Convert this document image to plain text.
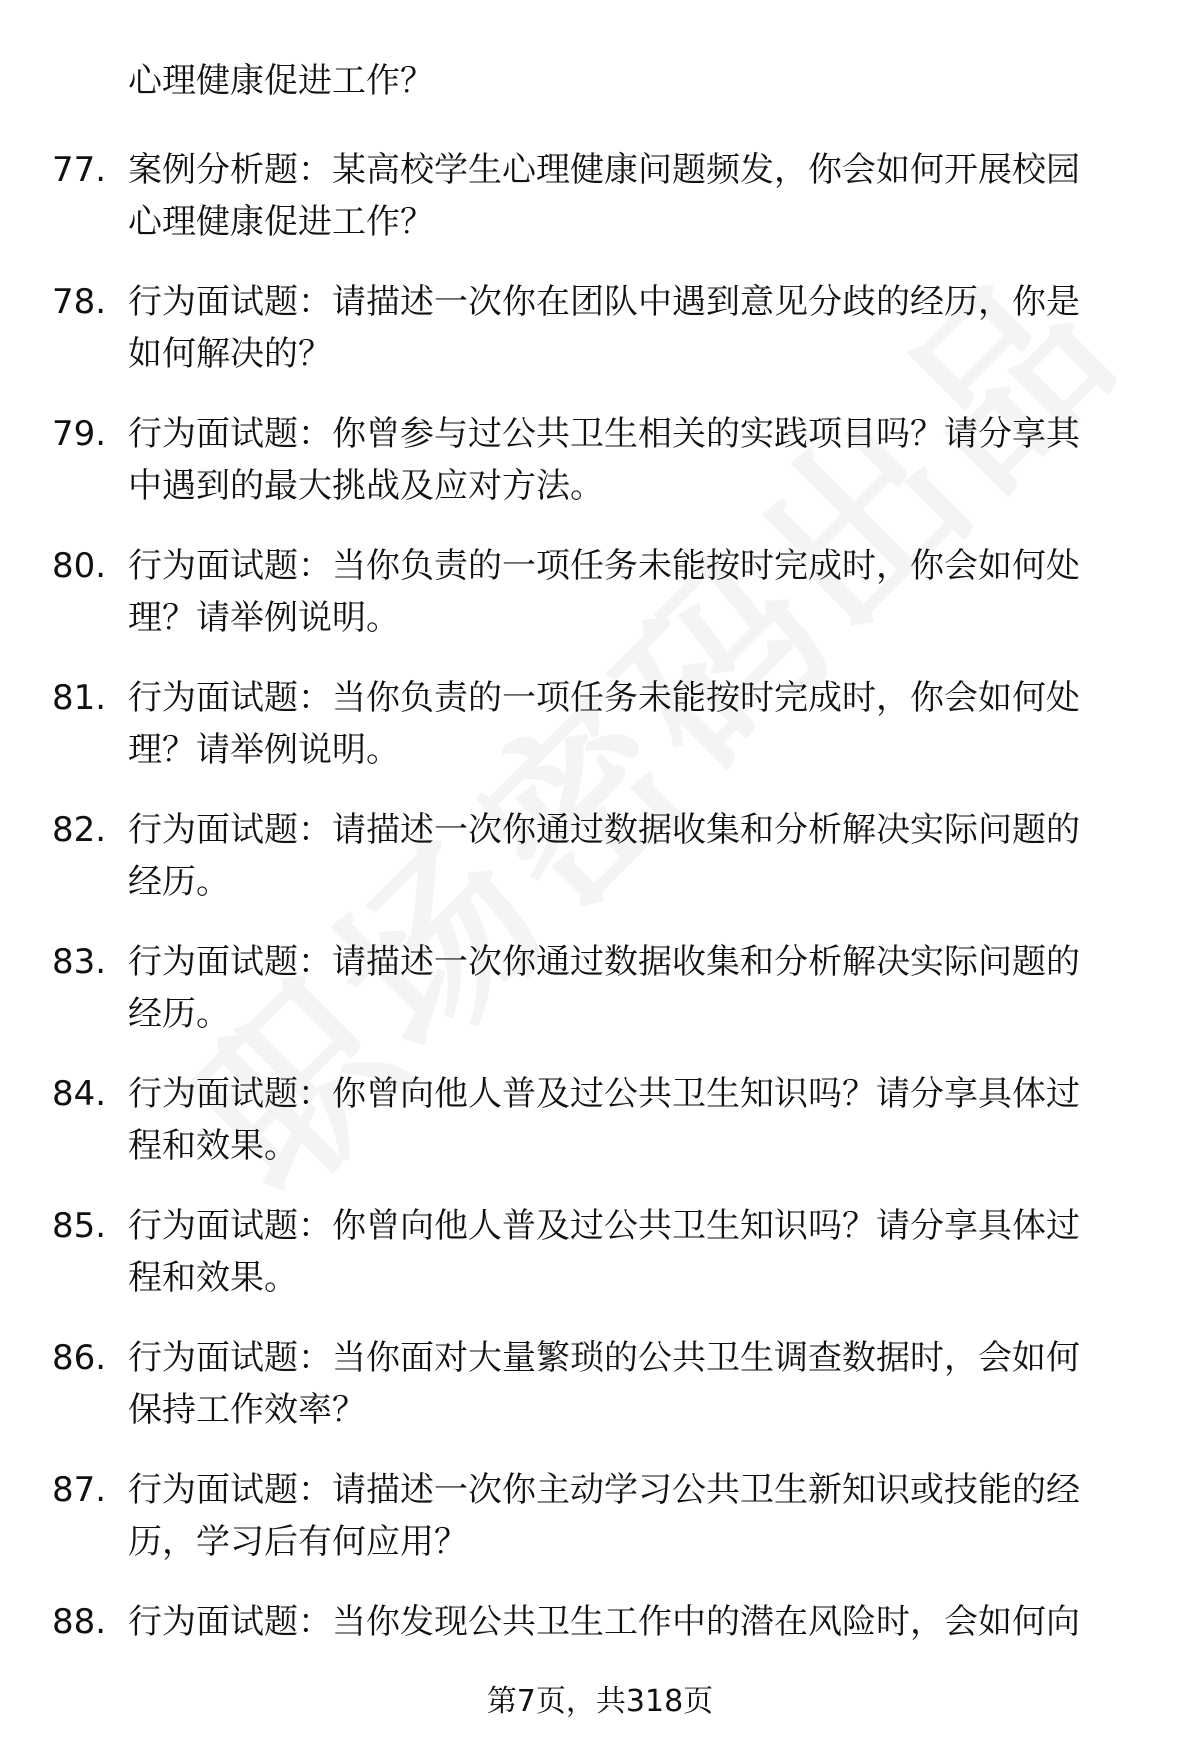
心理健康促进工作？
77. 案例分析题：某高校学生心理健康问题频发，你会如何开展校园
心理健康促进工作？
78. 行为面试题：请描述一次你在团队中遇到意见分歧的经历，你是
如何解决的？
79. 行为面试题：你曾参与过公共卫生相关的实践项目吗？请分享其
中遇到的最大挑战及应对方法。
80. 行为面试题：当你负责的一项任务未能按时完成时，你会如何处
理？请举例说明。
81. 行为面试题：当你负责的一项任务未能按时完成时，你会如何处
理？请举例说明。
82. 行为面试题：请描述一次你通过数据收集和分析解决实际问题的
经历。
83. 行为面试题：请描述一次你通过数据收集和分析解决实际问题的
经历。
84. 行为面试题：你曾向他人普及过公共卫生知识吗？请分享具体过
程和效果。
85. 行为面试题：你曾向他人普及过公共卫生知识吗？请分享具体过
程和效果。
86. 行为面试题：当你面对大量繁琐的公共卫生调查数据时，会如何
保持工作效率？
87. 行为面试题：请描述一次你主动学习公共卫生新知识或技能的经
历，学习后有何应用？
88. 行为面试题：当你发现公共卫生工作中的潜在风险时，会如何向
第7页，共318页
